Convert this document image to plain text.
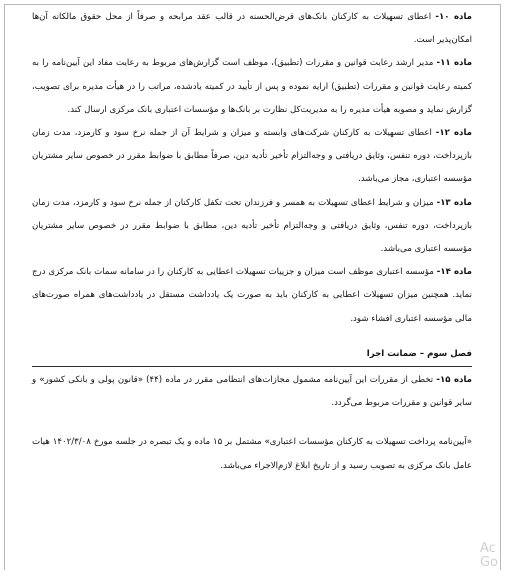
ماده ۱۰- اعطای تسهیلات به کارکنان بانک‌های قرض‌الحسنه در قالب عقد مرابحه و صرفاً از محل حقوق مالکانه آن‌ها امکان‌پذیر است.

ماده ۱۱- مدیر ارشد رعایت قوانین و مقررات (تطبیق)، موظف است گزارش‌های مربوط به رعایت مفاد این آیین‌نامه را به کمیته رعایت قوانین و مقررات (تطبیق) ارایه نموده و پس از تأیید در کمیته یادشده، مراتب را در هیأت مدیره برای تصویب، گزارش نماید و مصوبه هیأت مدیره را به مدیریت‌کل نظارت بر بانک‌ها و مؤسسات اعتباری بانک مرکزی ارسال کند.

ماده ۱۲- اعطای تسهیلات به کارکنان شرکت‌های وابسته و میزان و شرایط آن از جمله نرخ سود و کارمزد، مدت زمان بازپرداخت، دوره تنفس، وثایق دریافتی و وجه‌التزام تأخیر تأدیه دین، صرفاً مطابق با ضوابط مقرر در خصوص سایر مشتریان مؤسسه اعتباری، مجاز می‌باشد.

ماده ۱۳- میزان و شرایط اعطای تسهیلات به همسر و فرزندان تحت تکفل کارکنان از جمله نرخ سود و کارمزد، مدت زمان بازپرداخت، دوره تنفس، وثایق دریافتی و وجه‌التزام تأخیر تأدیه دین، مطابق با ضوابط مقرر در خصوص سایر مشتریان مؤسسه اعتباری می‌باشد.

ماده ۱۴- مؤسسه اعتباری موظف است میزان و جزییات تسهیلات اعطایی به کارکنان را در سامانه سمات بانک مرکزی درج نماید. همچنین میزان تسهیلات اعطایی به کارکنان باید به صورت یک یادداشت مستقل در یادداشت‌های همراه صورت‌های مالی مؤسسه اعتباری افشاء شود.

فصل سوم – ضمانت اجرا

ماده ۱۵- تخطی از مقررات این آیین‌نامه مشمول مجازات‌های انتظامی مقرر در ماده (۴۴) «قانون پولی و بانکی کشور» و سایر قوانین و مقررات مربوط می‌گردد.

«آیین‌نامه پرداخت تسهیلات به کارکنان مؤسسات اعتباری» مشتمل بر ۱۵ ماده و یک تبصره در جلسه مورخ ۱۴۰۲/۳/۰۸ هیات عامل بانک مرکزی به تصویب رسید و از تاریخ ابلاغ لازم‌الاجراء می‌باشد.
Ac
Go
